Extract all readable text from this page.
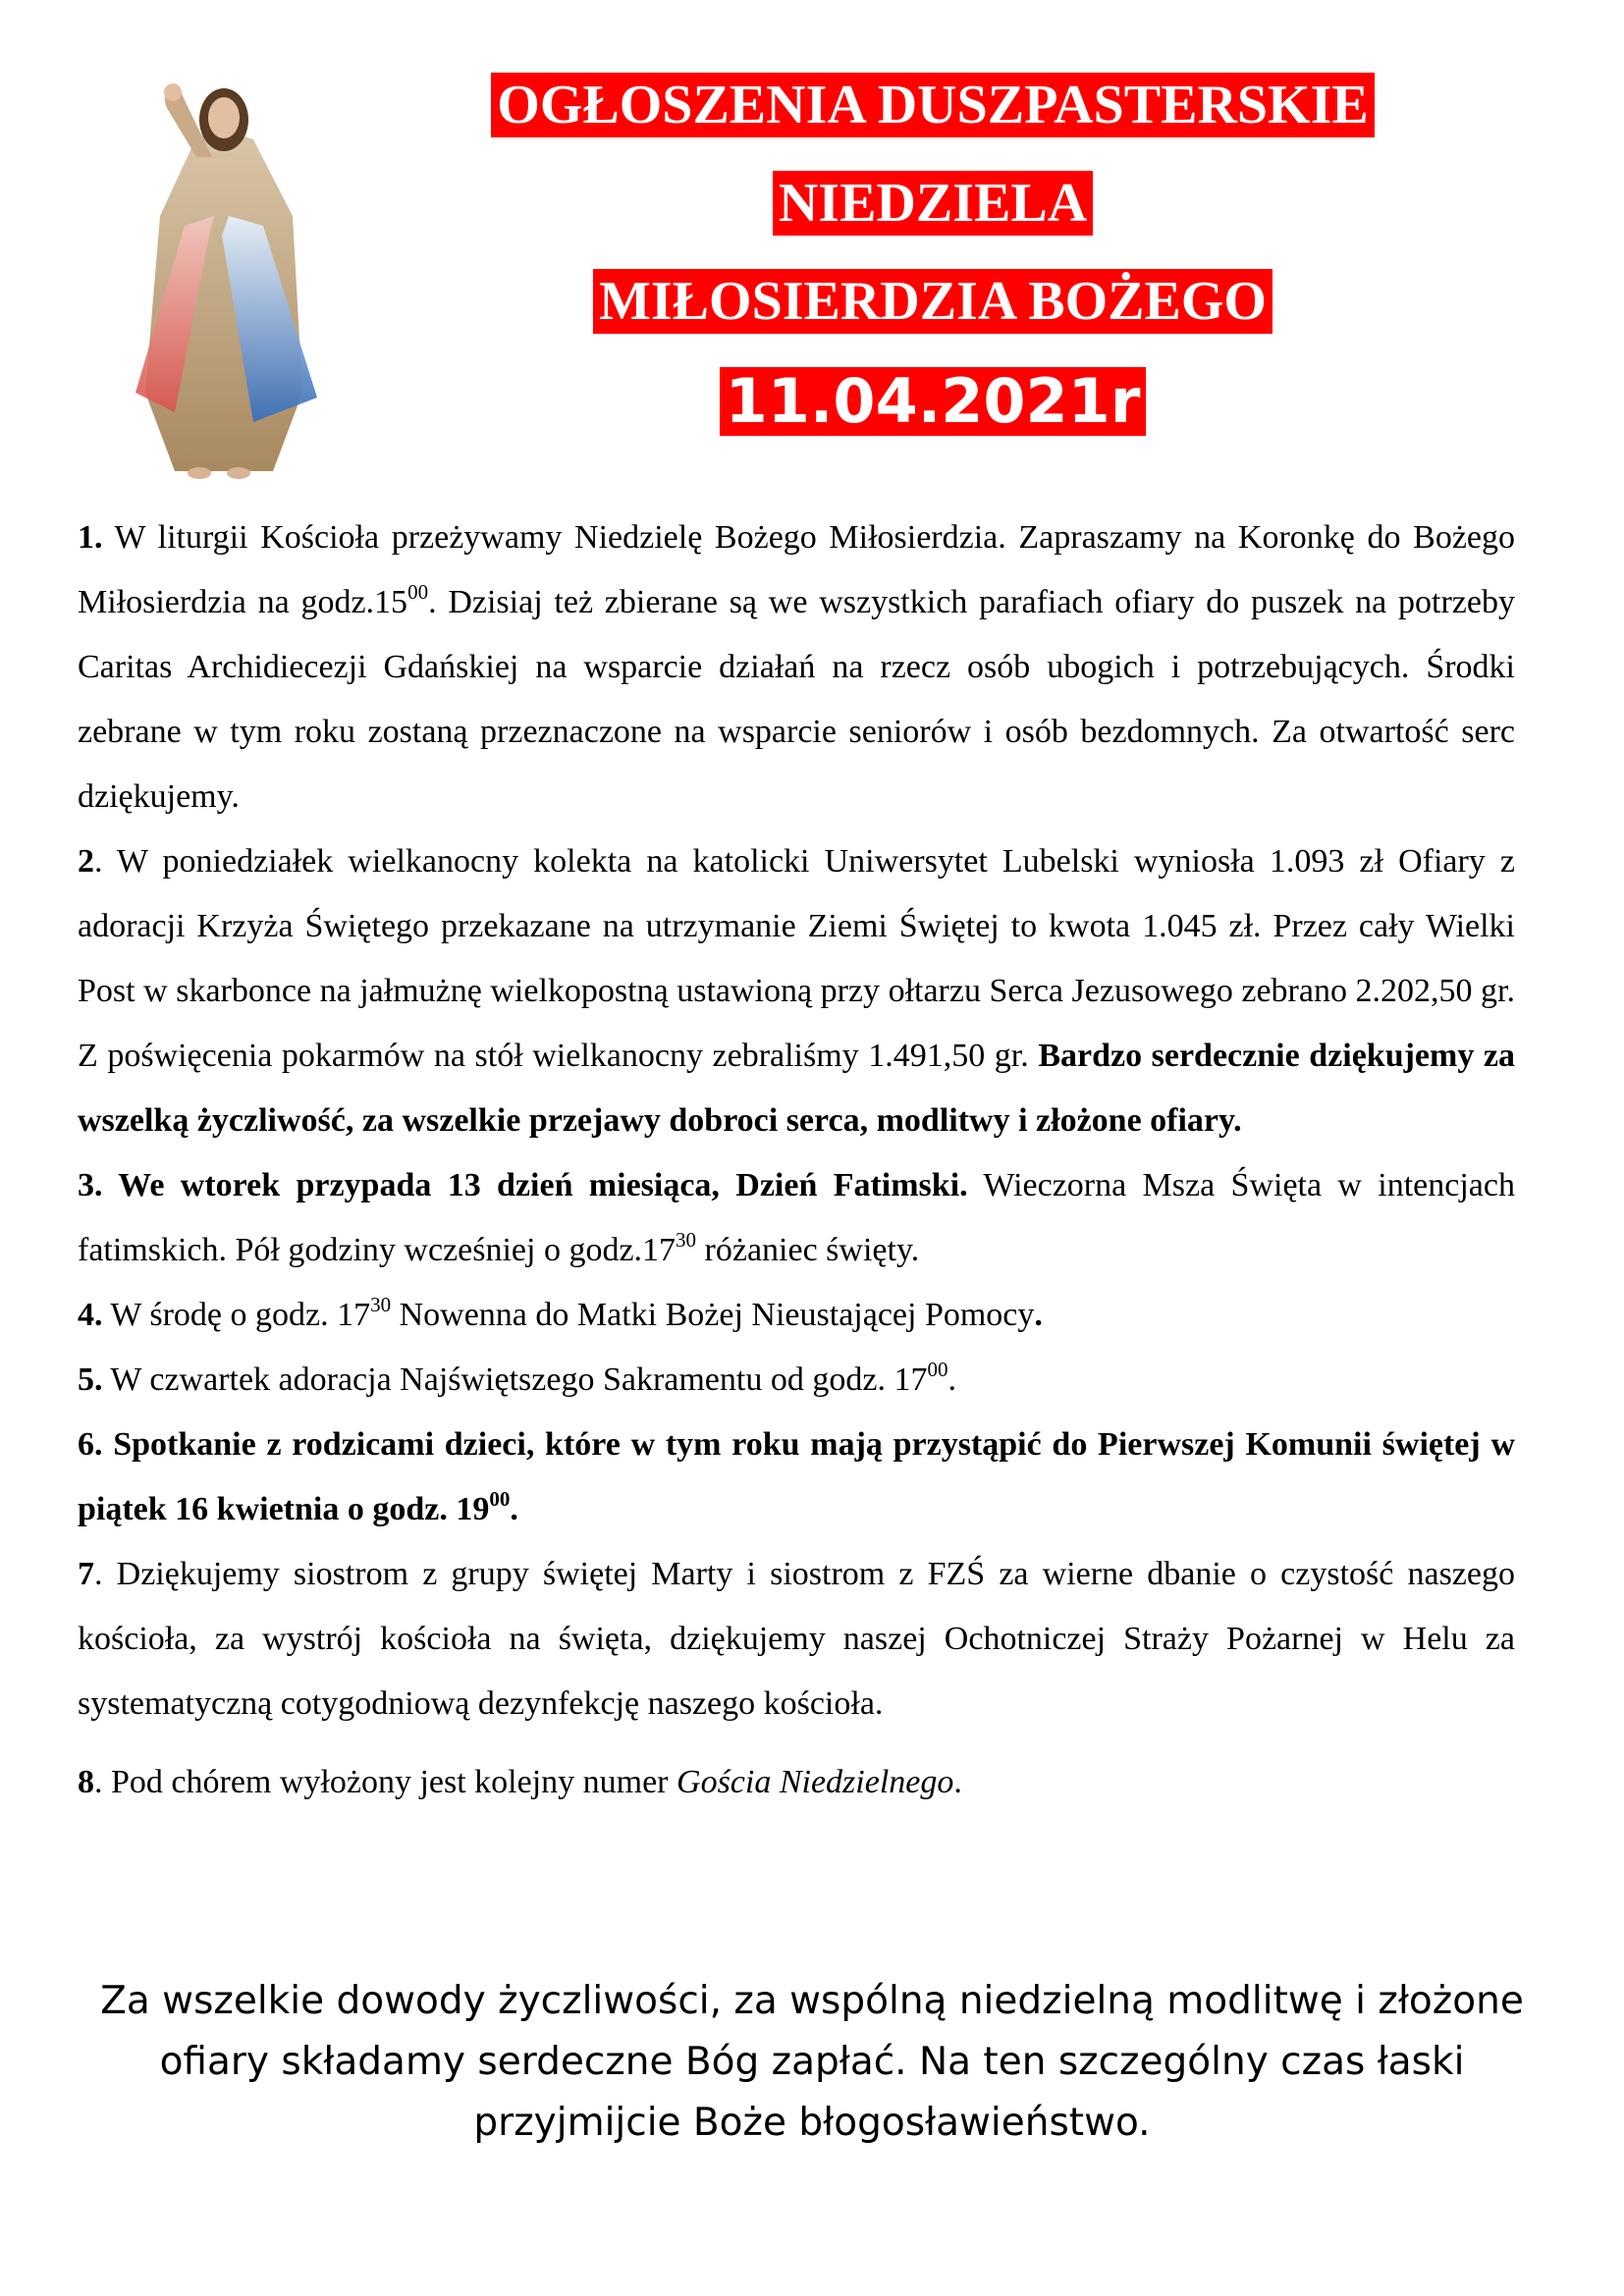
OGŁOSZENIA DUSZPASTERSKIE
NIEDZIELA
MIŁOSIERDZIA BOŻEGO
11.04.2021r

1. W liturgii Kościoła przeżywamy Niedzielę Bożego Miłosierdzia. Zapraszamy na Koronkę do Bożego Miłosierdzia na $godz.15^{00}$. Dzisiaj też zbierane są we wszystkich parafiach ofiary do puszek na potrzeby Caritas Archidiecezji Gdańskiej na wsparcie działań na rzecz osób ubogich i potrzebujących. Środki zebrane w tym roku zostaną przeznaczone na wsparcie seniorów i osób bezdomnych. Za otwartość serc dziękujemy.

2. W poniedziałek wielkanocny kolekta na katolicki Uniwersytet Lubelski wyniosła 1.093 zł Ofiary z adoracji Krzyża Świętego przekazane na utrzymanie Ziemi Świętej to kwota 1.045 zł. Przez cały Wielki Post w skarbonce na jałmużnę wielkopostną ustawioną przy ołtarzu Serca Jezusowego zebrano 2.202,50 gr. Z poświęcenia pokarmów na stół wielkanocny zebraliśmy 1.491,50 gr. Bardzo serdecznie dziękujemy za wszelką życzliwość, za wszelkie przejawy dobroci serca, modlitwy i złożone ofiary.

3. We wtorek przypada 13 dzień miesiąca, Dzień Fatimski. Wieczorna Msza Święta w intencjach fatimskich. Pół godziny wcześniej o $godz.17^{30}$ różaniec święty.

4. W środę o godz. $17^{30}$ Nowenna do Matki Bożej Nieustającej Pomocy.

5. W czwartek adoracja Najświętszego Sakramentu od godz. $17^{00}$.

6. Spotkanie z rodzicami dzieci, które w tym roku mają przystąpić do Pierwszej Komunii świętej w piątek 16 kwietnia o godz. $19^{00}$.

7. Dziękujemy siostrom z grupy świętej Marty i siostrom z FZŚ za wierne dbanie o czystość naszego kościoła, za wystrój kościoła na święta, dziękujemy naszej Ochotniczej Straży Pożarnej w Helu za systematyczną cotygodniową dezynfekcję naszego kościoła.

8. Pod chórem wyłożony jest kolejny numer Gościa Niedzielnego.

Za wszelkie dowody życzliwości, za wspólną niedzielną modlitwę i złożone ofiary składamy serdeczne Bóg zapłać. Na ten szczególny czas łaski przyjmijcie Boże błogosławieństwo.
